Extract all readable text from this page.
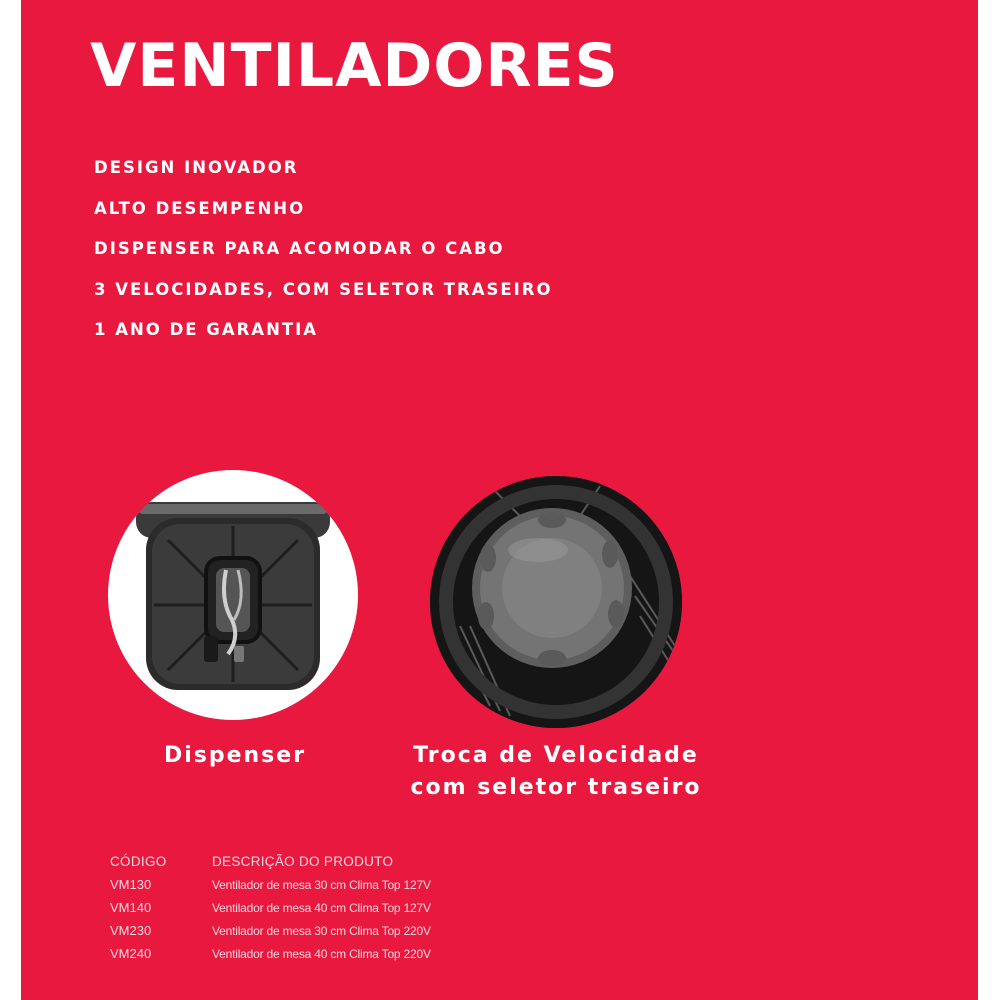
VENTILADORES
DESIGN INOVADOR
ALTO DESEMPENHO
DISPENSER PARA ACOMODAR O CABO
3 VELOCIDADES, COM SELETOR TRASEIRO
1 ANO DE GARANTIA
Dispenser	Troca de Velocidade
com seletor traseiro
CÓDIGO	DESCRIÇÃO DO PRODUTO
VM130	Ventilador de mesa 30 cm Clima Top 127V
VM140	Ventilador de mesa 40 cm Clima Top 127V
VM230	Ventilador de mesa 30 cm Clima Top 220V
VM240	Ventilador de mesa 40 cm Clima Top 220V
